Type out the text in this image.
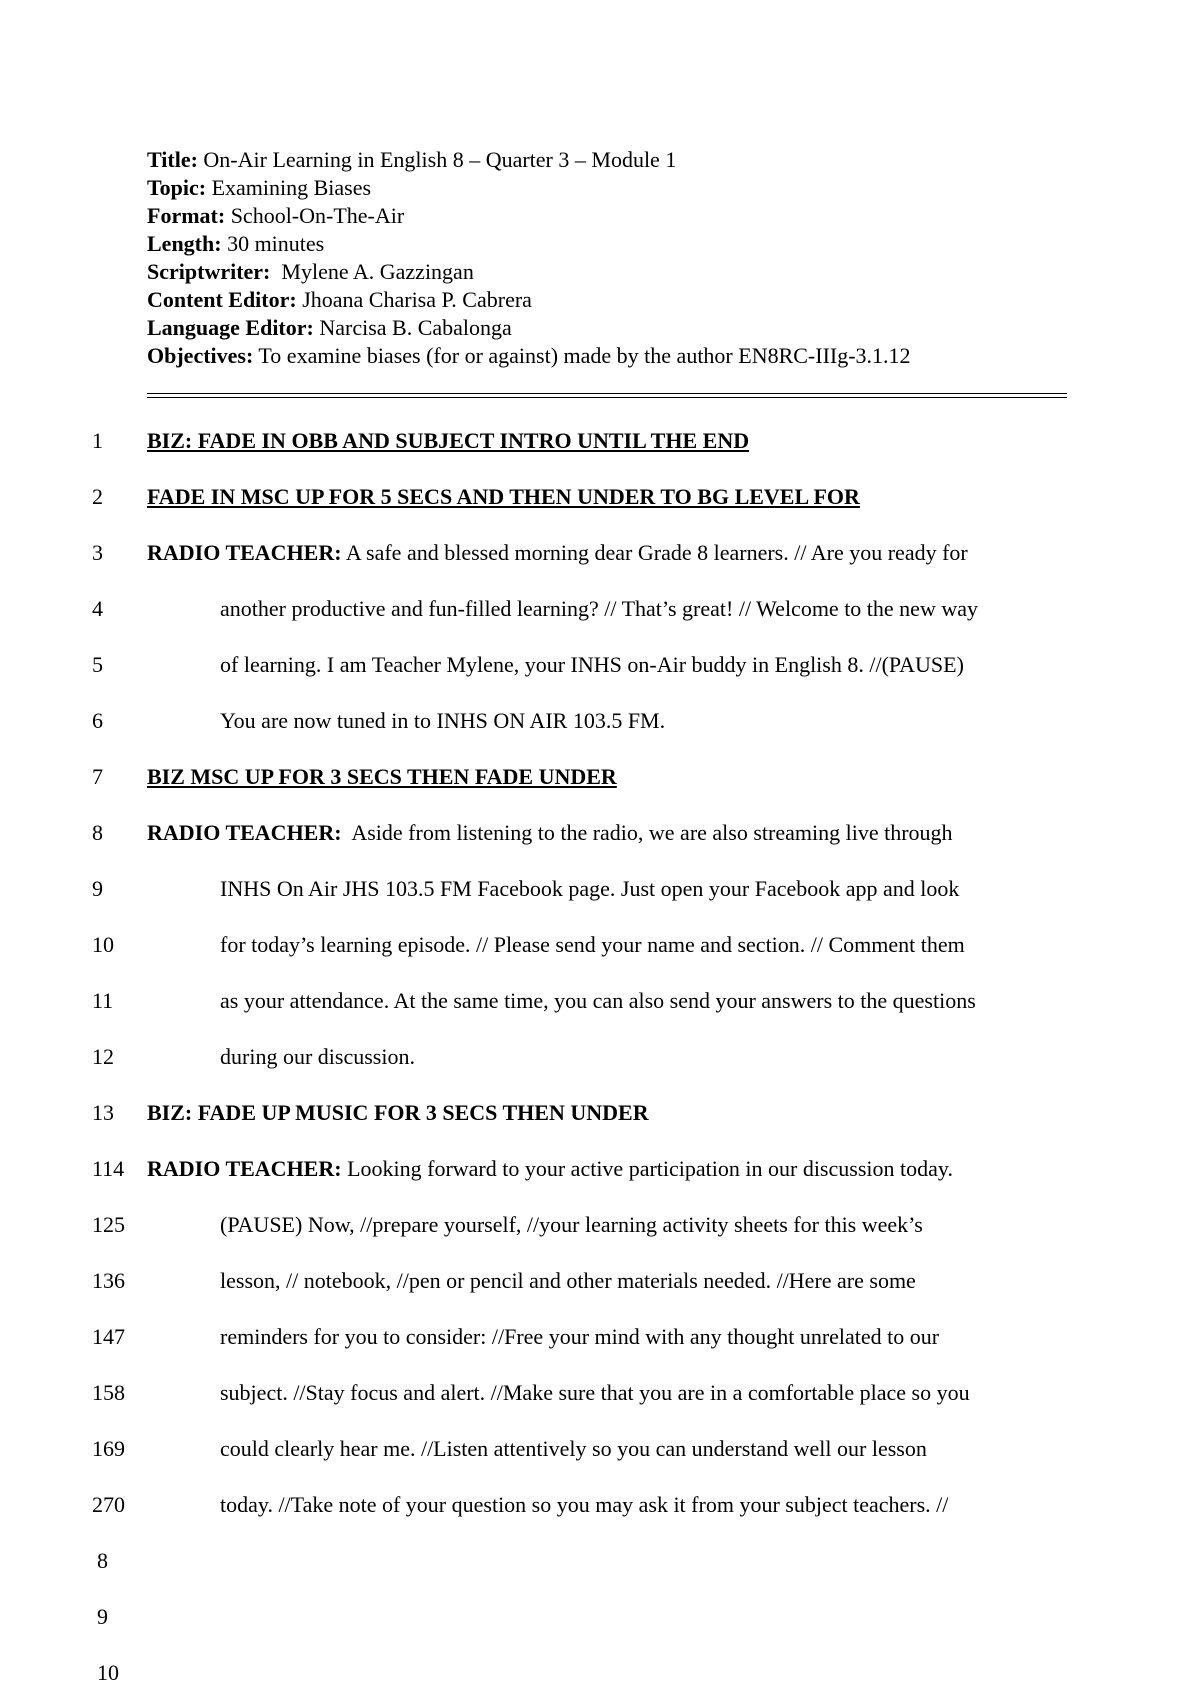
Title: On-Air Learning in English 8 – Quarter 3 – Module 1
Topic: Examining Biases
Format: School-On-The-Air
Length: 30 minutes
Scriptwriter:  Mylene A. Gazzingan
Content Editor: Jhoana Charisa P. Cabrera
Language Editor: Narcisa B. Cabalonga
Objectives: To examine biases (for or against) made by the author EN8RC-IIIg-3.1.12
1	BIZ: FADE IN OBB AND SUBJECT INTRO UNTIL THE END
2	FADE IN MSC UP FOR 5 SECS AND THEN UNDER TO BG LEVEL FOR
3	RADIO TEACHER: A safe and blessed morning dear Grade 8 learners. // Are you ready for
4	another productive and fun-filled learning? // That’s great! // Welcome to the new way
5	of learning. I am Teacher Mylene, your INHS on-Air buddy in English 8. //(PAUSE)
6	You are now tuned in to INHS ON AIR 103.5 FM.
7	BIZ MSC UP FOR 3 SECS THEN FADE UNDER
8	RADIO TEACHER:  Aside from listening to the radio, we are also streaming live through
9	INHS On Air JHS 103.5 FM Facebook page. Just open your Facebook app and look
10	for today’s learning episode. // Please send your name and section. // Comment them
11	as your attendance. At the same time, you can also send your answers to the questions
12	during our discussion.
13	BIZ: FADE UP MUSIC FOR 3 SECS THEN UNDER
114 RADIO TEACHER: Looking forward to your active participation in our discussion today.
125	(PAUSE) Now, //prepare yourself, //your learning activity sheets for this week’s
136	lesson, // notebook, //pen or pencil and other materials needed. //Here are some
147	reminders for you to consider: //Free your mind with any thought unrelated to our
158	subject. //Stay focus and alert. //Make sure that you are in a comfortable place so you
169	could clearly hear me. //Listen attentively so you can understand well our lesson
270	today. //Take note of your question so you may ask it from your subject teachers. //
8
9
10
